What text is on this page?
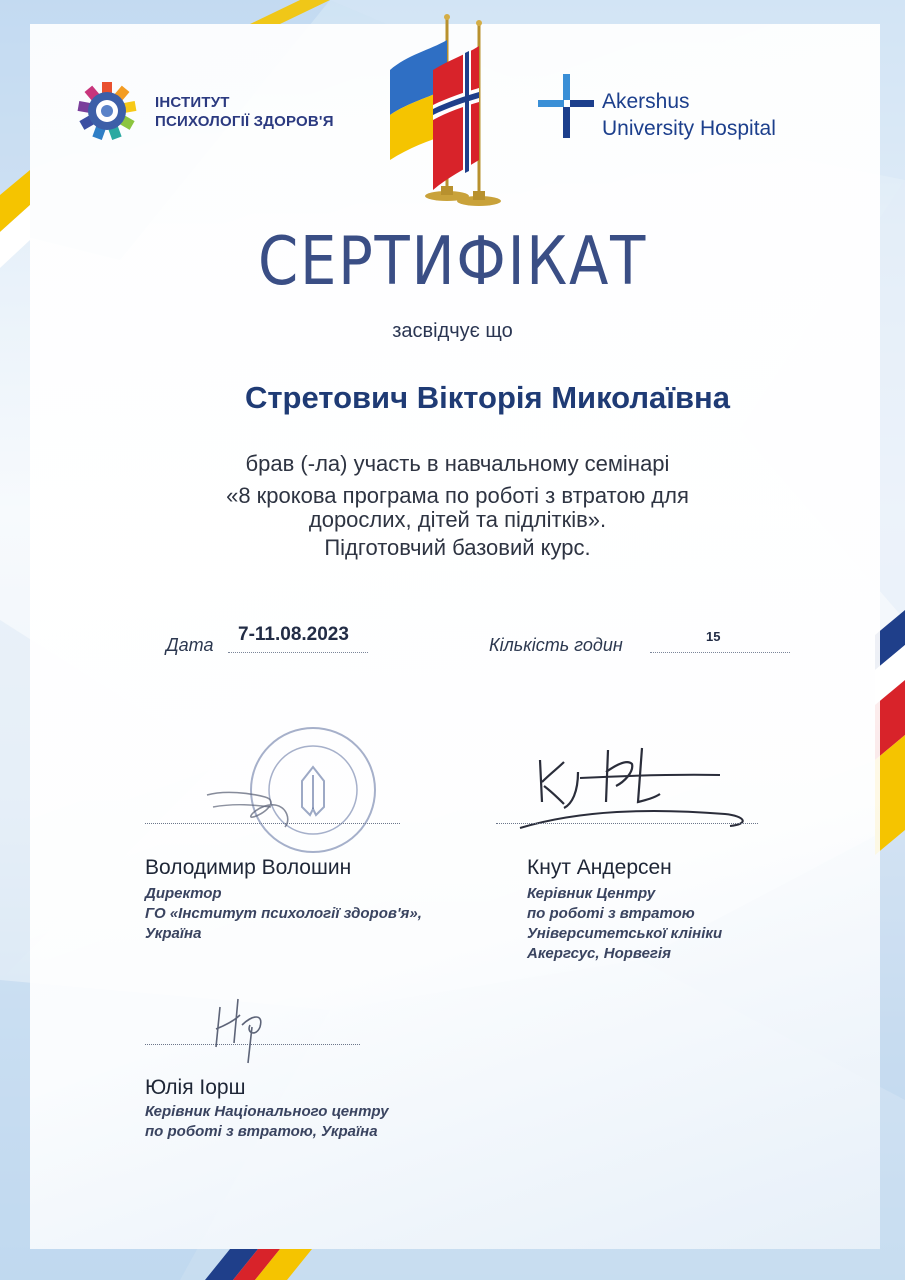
ІНСТИТУТ
ПСИХОЛОГІЇ ЗДОРОВ'Я
Akershus
University Hospital
СЕРТИФІКАТ
засвідчує що
Стретович Вікторія Миколаївна
брав (-ла) участь в навчальному семінарі
«8 крокова програма по роботі з втратою для
дорослих, дітей та підлітків».
Підготовчий базовий курс.
Дата 7-11.08.2023	Кількість годин	15
Володимир Волошин
Директор
ГО «Інститут психології здоров'я»,
Україна
Кнут Андерсен
Керівник Центру
по роботі з втратою
Університетської клініки
Акергсус, Норвегія
Юлія Іорш
Керівник Національного центру
по роботі з втратою, Україна
